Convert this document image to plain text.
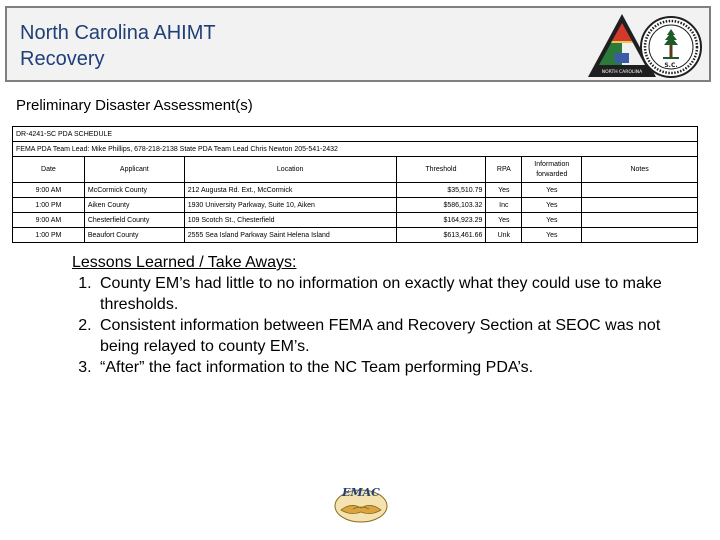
North Carolina AHIMT
Recovery
NORTH CAROLINA
S.C.
Preliminary Disaster Assessment(s)
DR-4241-SC PDA SCHEDULE						
FEMA PDA Team Lead: Mike Phillips, 678-218-2138 State PDA Team Lead Chris Newton 205-541-2432						
Date	Applicant	Location	Threshold	RPA	Information forwarded	Notes
9:00 AM	McCormick County	212 Augusta Rd. Ext., McCormick	$35,510.79	Yes	Yes	
1:00 PM	Aiken County	1930 University Parkway, Suite 10, Aiken	$586,103.32	Inc	Yes	
9:00 AM	Chesterfield County	109 Scotch St., Chesterfield	$164,923.29	Yes	Yes	
1:00 PM	Beaufort County	2555 Sea Island Parkway Saint Helena Island	$613,461.66	Unk	Yes	
Lessons Learned / Take Aways:
1. County EM’s had little to no information on exactly what they could use to make thresholds.
2. Consistent information between FEMA and Recovery Section at SEOC was not being relayed to county EM’s.
3. “After” the fact information to the NC Team performing PDA’s.
EMAC
